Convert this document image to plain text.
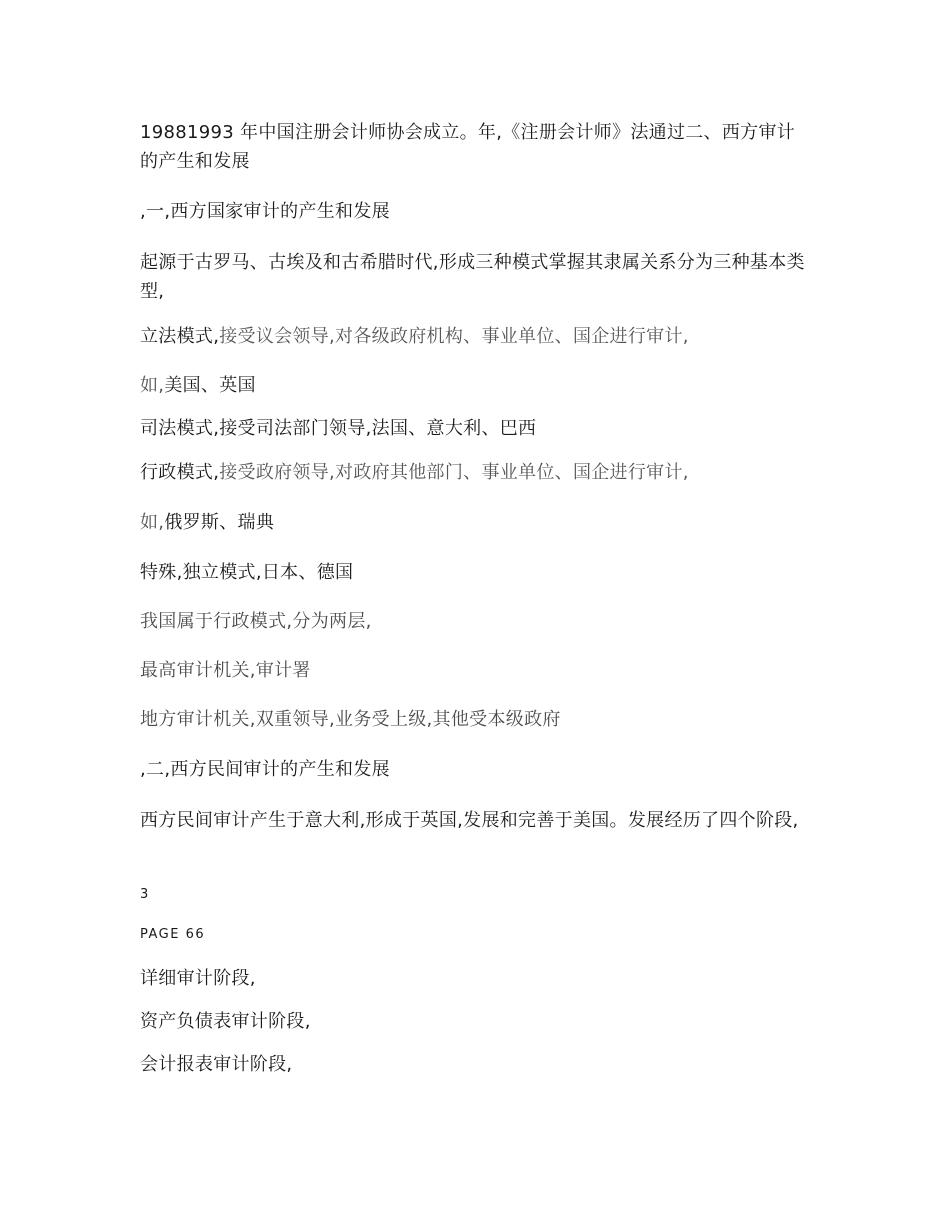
19881993 年中国注册会计师协会成立。年,《注册会计师》法通过二、西方审计的产生和发展
,一,西方国家审计的产生和发展
起源于古罗马、古埃及和古希腊时代,形成三种模式掌握其隶属关系分为三种基本类型,
立法模式,接受议会领导,对各级政府机构、事业单位、国企进行审计,
如,美国、英国
司法模式,接受司法部门领导,法国、意大利、巴西
行政模式,接受政府领导,对政府其他部门、事业单位、国企进行审计,
如,俄罗斯、瑞典
特殊,独立模式,日本、德国
我国属于行政模式,分为两层,
最高审计机关,审计署
地方审计机关,双重领导,业务受上级,其他受本级政府
,二,西方民间审计的产生和发展
西方民间审计产生于意大利,形成于英国,发展和完善于美国。发展经历了四个阶段,
3
PAGE 66
详细审计阶段,
资产负债表审计阶段,
会计报表审计阶段,
